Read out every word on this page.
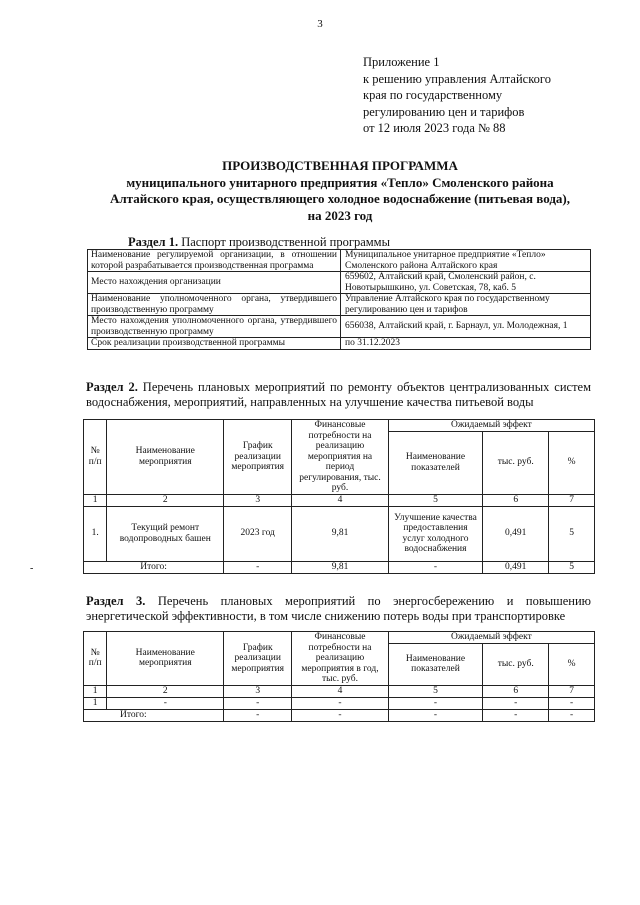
3
Приложение 1
к решению управления Алтайского
края по государственному
регулированию цен и тарифов
от 12 июля 2023 года № 88
ПРОИЗВОДСТВЕННАЯ ПРОГРАММА
муниципального унитарного предприятия «Тепло» Смоленского района
Алтайского края, осуществляющего холодное водоснабжение (питьевая вода),
на 2023 год
Раздел 1. Паспорт производственной программы
Наименование регулируемой организации, в отношении которой разрабатывается производственная программа	Муниципальное унитарное предприятие «Тепло» Смоленского района Алтайского края
Место нахождения организации	659602, Алтайский край, Смоленский район, с. Новотырышкино, ул. Советская, 78, каб. 5
Наименование уполномоченного органа, утвердившего производственную программу	Управление Алтайского края по государственному регулированию цен и тарифов
Место нахождения уполномоченного органа, утвердившего производственную программу	656038, Алтайский край, г. Барнаул, ул. Молодежная, 1
Срок реализации производственной программы	по 31.12.2023
Раздел 2. Перечень плановых мероприятий по ремонту объектов централизованных систем водоснабжения, мероприятий, направленных на улучшение качества питьевой воды
№ п/п	Наименование мероприятия	График реализации мероприятия	Финансовые потребности на реализацию мероприятия на период регулирования, тыс. руб.	Ожидаемый эффект		
				Наименование показателей	тыс. руб.	%
1	2	3	4	5	6	7
1.	Текущий ремонт водопроводных башен	2023 год	9,81	Улучшение качества предоставления услуг холодного водоснабжения	0,491	5
Итого:		-	9,81	-	0,491	5
-
Раздел 3. Перечень плановых мероприятий по энергосбережению и повышению энергетической эффективности, в том числе снижению потерь воды при транспортировке
№ п/п	Наименование мероприятия	График реализации мероприятия	Финансовые потребности на реализацию мероприятия в год, тыс. руб.	Ожидаемый эффект		
				Наименование показателей	тыс. руб.	%
1	2	3	4	5	6	7
1	-	-	-	-	-	-
Итого:		-	-	-	-	-
